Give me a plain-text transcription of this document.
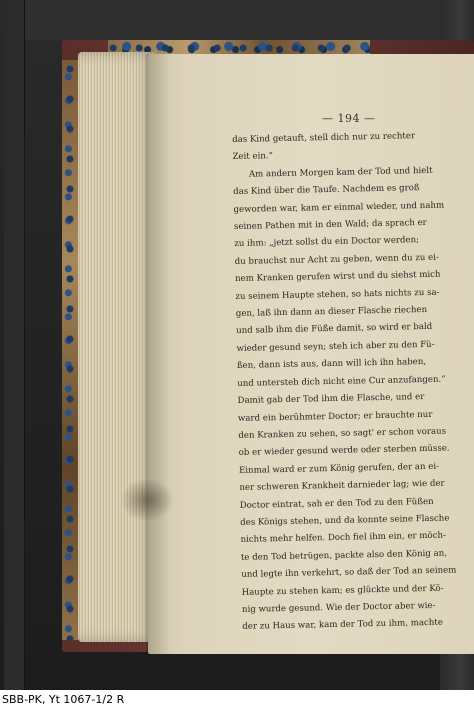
— 194 —
das Kind getauft, stell dich nur zu rechter
Zeit ein.“
Am andern Morgen kam der Tod und hielt
das Kind über die Taufe. Nachdem es groß
geworden war, kam er einmal wieder, und nahm
seinen Pathen mit in den Wald; da sprach er
zu ihm: „jetzt sollst du ein Doctor werden;
du brauchst nur Acht zu geben, wenn du zu ei-
nem Kranken gerufen wirst und du siehst mich
zu seinem Haupte stehen, so hats nichts zu sa-
gen, laß ihn dann an dieser Flasche riechen
und salb ihm die Füße damit, so wird er bald
wieder gesund seyn; steh ich aber zu den Fü-
ßen, dann ists aus, dann will ich ihn haben,
und untersteh dich nicht eine Cur anzufangen.“
Damit gab der Tod ihm die Flasche, und er
ward ein berühmter Doctor; er brauchte nur
den Kranken zu sehen, so sagt' er schon voraus
ob er wieder gesund werde oder sterben müsse.
Einmal ward er zum König gerufen, der an ei-
ner schweren Krankheit darnieder lag; wie der
Doctor eintrat, sah er den Tod zu den Füßen
des Königs stehen, und da konnte seine Flasche
nichts mehr helfen. Doch fiel ihm ein, er möch-
te den Tod betrügen, packte also den König an,
und legte ihn verkehrt, so daß der Tod an seinem
Haupte zu stehen kam; es glückte und der Kö-
nig wurde gesund. Wie der Doctor aber wie-
der zu Haus war, kam der Tod zu ihm, machte
SBB-PK, Yt 1067-1/2 R
